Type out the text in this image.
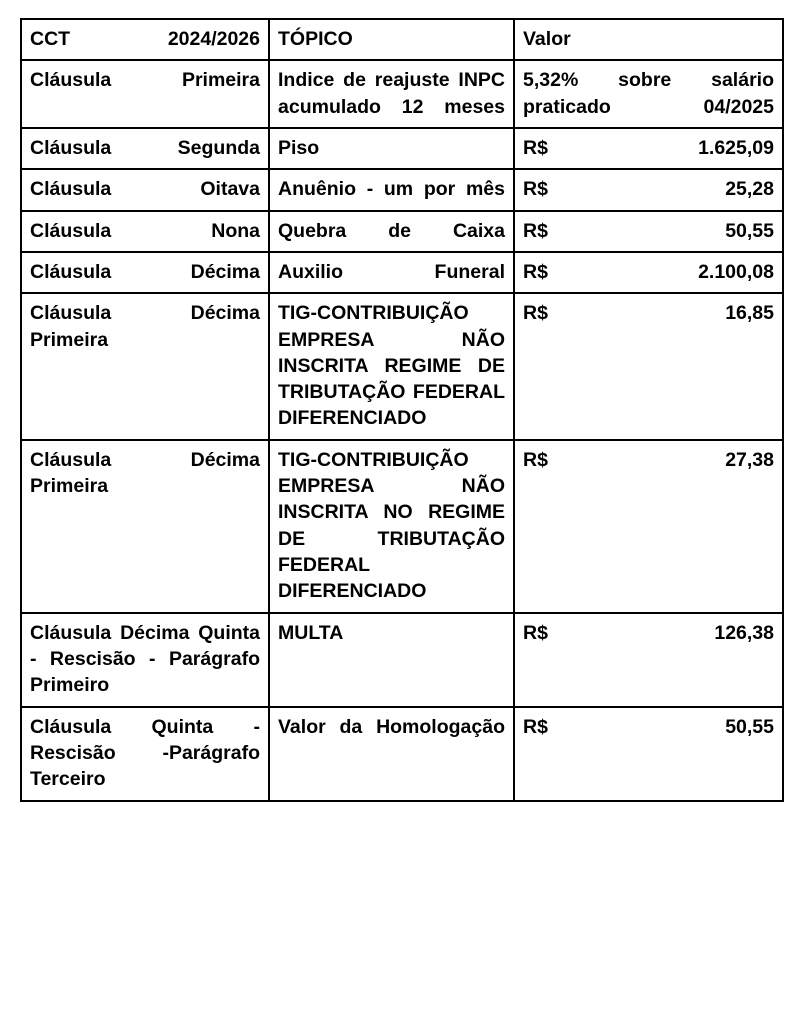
CCT 2024/2026	TÓPICO	Valor
Cláusula Primeira	Indice de reajuste INPC acumulado 12 meses	5,32% sobre salário praticado 04/2025
Cláusula Segunda	Piso	R$ 1.625,09
Cláusula Oitava	Anuênio - um por mês	R$ 25,28
Cláusula Nona	Quebra de Caixa	R$ 50,55
Cláusula Décima	Auxilio Funeral	R$ 2.100,08
Cláusula Décima Primeira	TIG-CONTRIBUIÇÃO EMPRESA NÃO INSCRITA REGIME DE TRIBUTAÇÃO FEDERAL DIFERENCIADO	R$ 16,85
Cláusula Décima Primeira	TIG-CONTRIBUIÇÃO EMPRESA NÃO INSCRITA NO REGIME DE TRIBUTAÇÃO FEDERAL DIFERENCIADO	R$ 27,38
Cláusula Décima Quinta - Rescisão - Parágrafo Primeiro	MULTA	R$ 126,38
Cláusula Quinta - Rescisão -Parágrafo Terceiro	Valor da Homologação	R$ 50,55
